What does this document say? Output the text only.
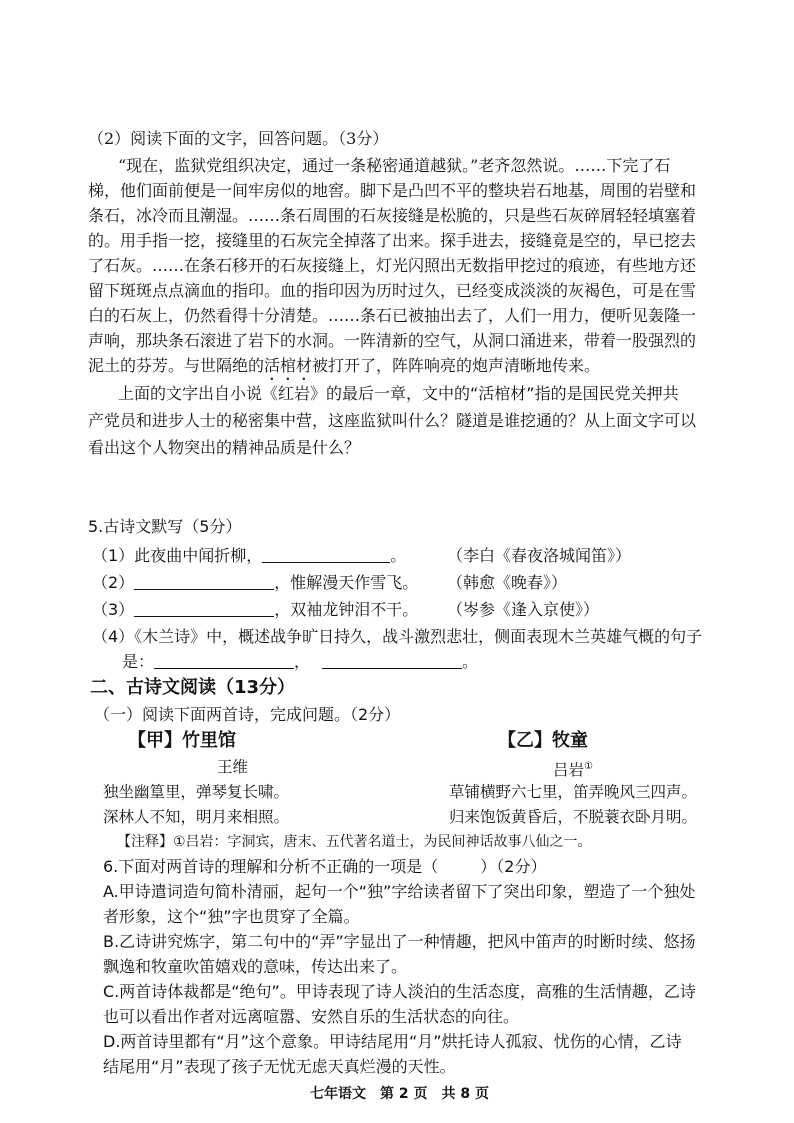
（2）阅读下面的文字，回答问题。（3分）
“现在，监狱党组织决定，通过一条秘密通道越狱。”老齐忽然说。……下完了石
梯，他们面前便是一间牢房似的地窖。脚下是凸凹不平的整块岩石地基，周围的岩壁和
条石，冰冷而且潮湿。……条石周围的石灰接缝是松脆的，只是些石灰碎屑轻轻填塞着
的。用手指一挖，接缝里的石灰完全掉落了出来。探手进去，接缝竟是空的，早已挖去
了石灰。……在条石移开的石灰接缝上，灯光闪照出无数指甲挖过的痕迹，有些地方还
留下斑斑点点滴血的指印。血的指印因为历时过久，已经变成淡淡的灰褐色，可是在雪
白的石灰上，仍然看得十分清楚。……条石已被抽出去了，人们一用力，便听见轰隆一
声响，那块条石滚进了岩下的水洞。一阵清新的空气，从洞口涌进来，带着一股强烈的
泥土的芬芳。与世隔绝的活棺材被打开了，阵阵响亮的炮声清晰地传来。
上面的文字出自小说《红岩》的最后一章，文中的“活棺材”指的是国民党关押共
产党员和进步人士的秘密集中营，这座监狱叫什么？隧道是谁挖通的？从上面文字可以
看出这个人物突出的精神品质是什么？
5.古诗文默写（5分）
（1）此夜曲中闻折柳，	。	（李白《春夜洛城闻笛》）
（2）	，惟解漫天作雪飞。 （韩愈《晚春》）
（3）	，双袖龙钟泪不干。 （岑参《逢入京使》）
（4）《木兰诗》中，概述战争旷日持久，战斗激烈悲壮，侧面表现木兰英雄气概的句子
是：	，	。
二、古诗文阅读（13分）
（一）阅读下面两首诗，完成问题。（2分）
【甲】竹里馆
王维
独坐幽篁里，弹琴复长啸。
深林人不知，明月来相照。
【乙】牧童
吕岩①
草铺横野六七里，笛弄晚风三四声。
归来饱饭黄昏后，不脱蓑衣卧月明。
【注释】①吕岩：字洞宾，唐末、五代著名道士，为民间神话故事八仙之一。
6.下面对两首诗的理解和分析不正确的一项是（	）（2分）
A.甲诗遣词造句简朴清丽，起句一个“独”字给读者留下了突出印象，塑造了一个独处
者形象，这个“独”字也贯穿了全篇。
B.乙诗讲究炼字，第二句中的“弄”字显出了一种情趣，把风中笛声的时断时续、悠扬
飘逸和牧童吹笛嬉戏的意味，传达出来了。
C.两首诗体裁都是“绝句”。甲诗表现了诗人淡泊的生活态度，高雅的生活情趣，乙诗
也可以看出作者对远离喧嚣、安然自乐的生活状态的向往。
D.两首诗里都有“月”这个意象。甲诗结尾用“月”烘托诗人孤寂、忧伤的心情，乙诗
结尾用“月”表现了孩子无忧无虑天真烂漫的天性。
七年语文　第 2 页　共 8 页
